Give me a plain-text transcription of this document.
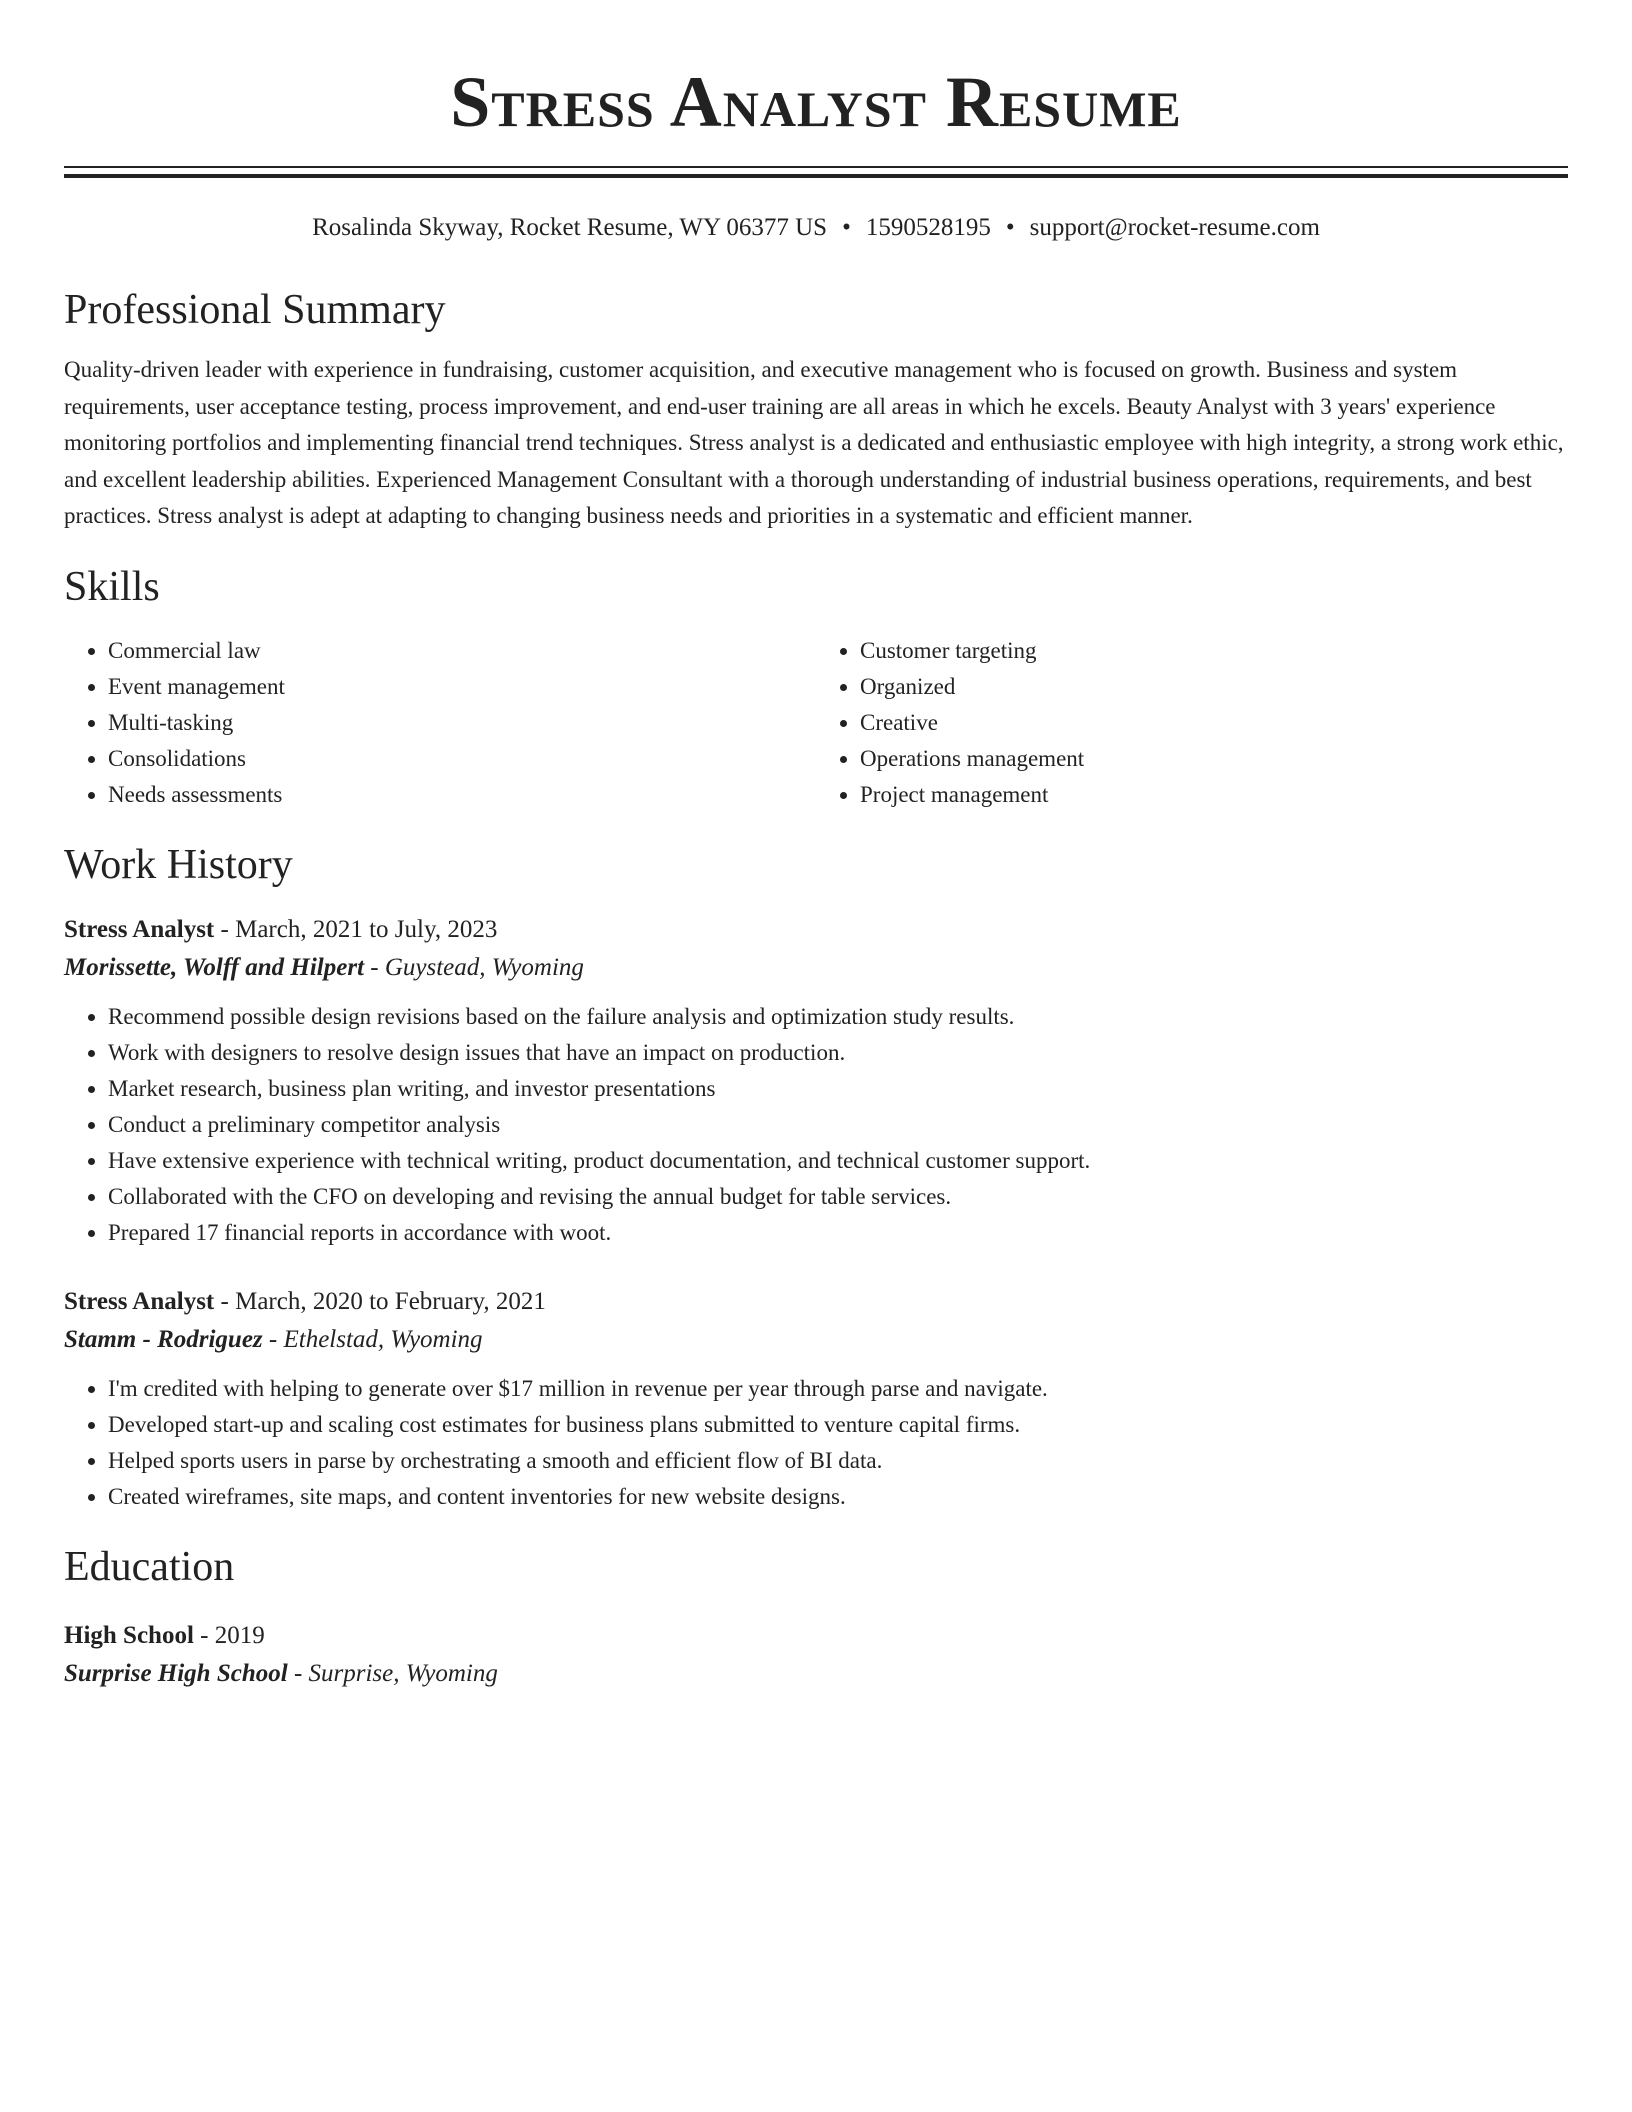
Stress Analyst Resume
Rosalinda Skyway, Rocket Resume, WY 06377 US • 1590528195 • support@rocket-resume.com
Professional Summary

Quality-driven leader with experience in fundraising, customer acquisition, and executive management who is focused on growth. Business and system requirements, user acceptance testing, process improvement, and end-user training are all areas in which he excels. Beauty Analyst with 3 years' experience monitoring portfolios and implementing financial trend techniques. Stress analyst is a dedicated and enthusiastic employee with high integrity, a strong work ethic, and excellent leadership abilities. Experienced Management Consultant with a thorough understanding of industrial business operations, requirements, and best practices. Stress analyst is adept at adapting to changing business needs and priorities in a systematic and efficient manner.

Skills
• Commercial law
• Event management
• Multi-tasking
• Consolidations
• Needs assessments
• Customer targeting
• Organized
• Creative
• Operations management
• Project management
Work History
Stress Analyst - March, 2021 to July, 2023
Morissette, Wolff and Hilpert - Guystead, Wyoming
• Recommend possible design revisions based on the failure analysis and optimization study results.
• Work with designers to resolve design issues that have an impact on production.
• Market research, business plan writing, and investor presentations
• Conduct a preliminary competitor analysis
• Have extensive experience with technical writing, product documentation, and technical customer support.
• Collaborated with the CFO on developing and revising the annual budget for table services.
• Prepared 17 financial reports in accordance with woot.
Stress Analyst - March, 2020 to February, 2021
Stamm - Rodriguez - Ethelstad, Wyoming
• I'm credited with helping to generate over $17 million in revenue per year through parse and navigate.
• Developed start-up and scaling cost estimates for business plans submitted to venture capital firms.
• Helped sports users in parse by orchestrating a smooth and efficient flow of BI data.
• Created wireframes, site maps, and content inventories for new website designs.
Education
High School - 2019
Surprise High School - Surprise, Wyoming
